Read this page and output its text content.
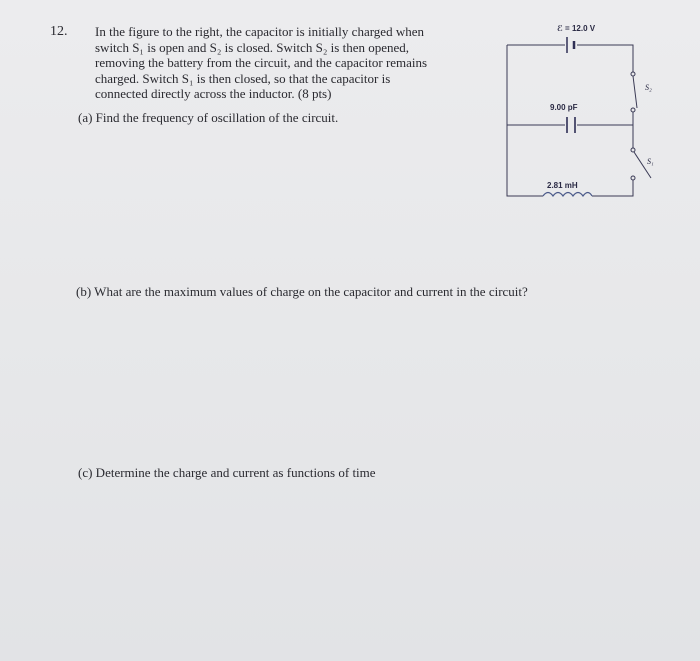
12. In the figure to the right, the capacitor is initially charged when
switch S₁ is open and S₂ is closed. Switch S₂ is then opened,
removing the battery from the circuit, and the capacitor remains
charged. Switch S₁ is then closed, so that the capacitor is
connected directly across the inductor. (8 pts)
(a) Find the frequency of oscillation of the circuit.
ℰ = 12.0 V
9.00 pF
2.81 mH
S₂
S₁
(b) What are the maximum values of charge on the capacitor and current in the circuit?
(c) Determine the charge and current as functions of time
